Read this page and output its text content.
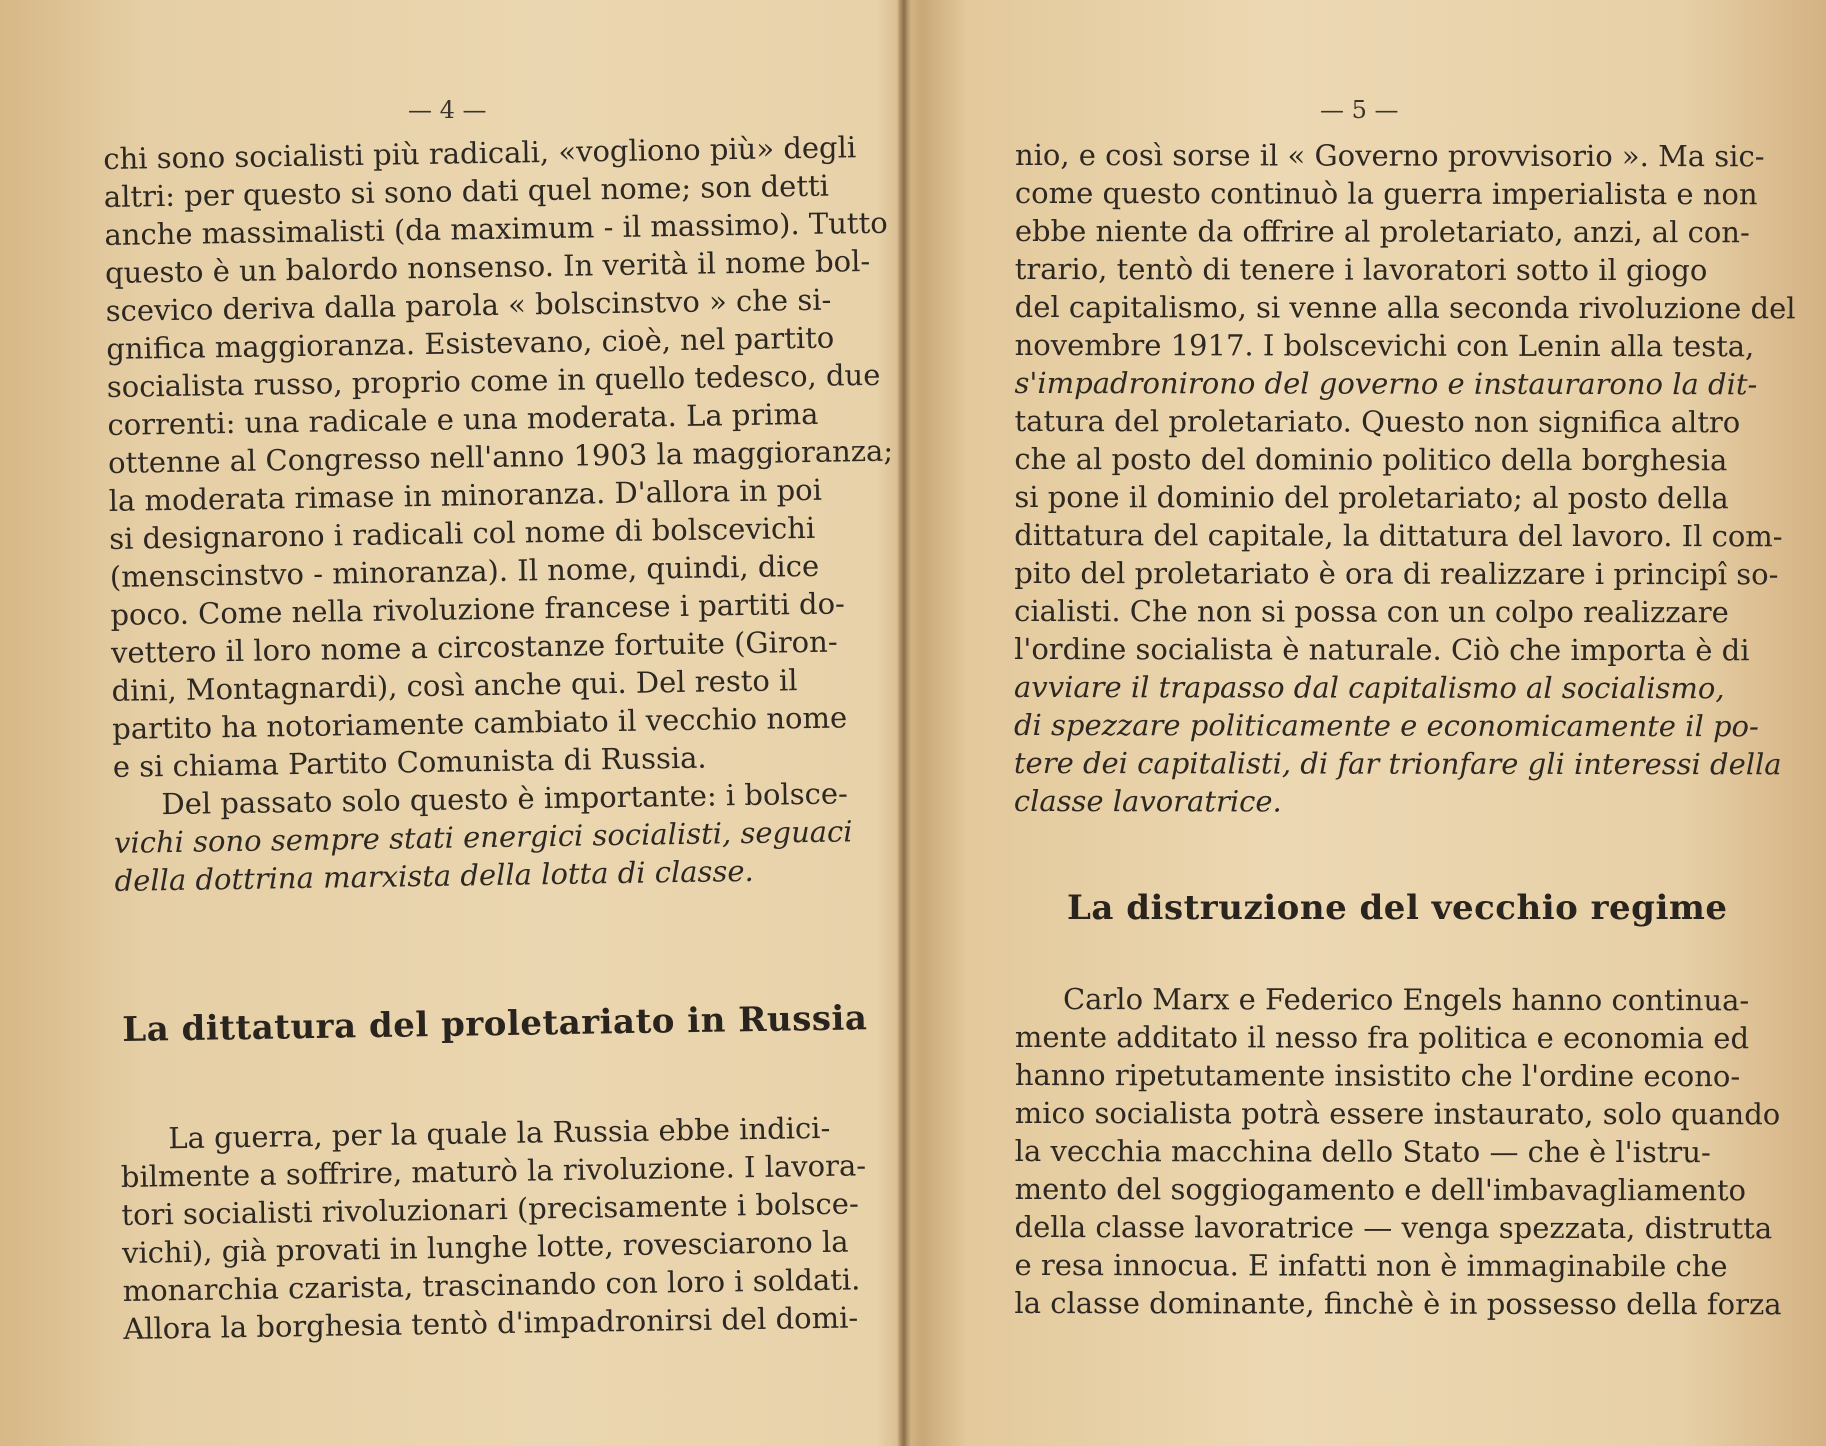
— 4 —
chi sono socialisti più radicali, «vogliono più» degli
altri: per questo si sono dati quel nome; son detti
anche massimalisti (da maximum - il massimo). Tutto
questo è un balordo nonsenso. In verità il nome bol-
scevico deriva dalla parola « bolscinstvo » che si-
gnifica maggioranza. Esistevano, cioè, nel partito
socialista russo, proprio come in quello tedesco, due
correnti: una radicale e una moderata. La prima
ottenne al Congresso nell'anno 1903 la maggioranza;
la moderata rimase in minoranza. D'allora in poi
si designarono i radicali col nome di bolscevichi
(menscinstvo - minoranza). Il nome, quindi, dice
poco. Come nella rivoluzione francese i partiti do-
vettero il loro nome a circostanze fortuite (Giron-
dini, Montagnardi), così anche qui. Del resto il
partito ha notoriamente cambiato il vecchio nome
e si chiama Partito Comunista di Russia.
Del passato solo questo è importante: i bolsce-
vichi sono sempre stati energici socialisti, seguaci
della dottrina marxista della lotta di classe.
La dittatura del proletariato in Russia
La guerra, per la quale la Russia ebbe indici-
bilmente a soffrire, maturò la rivoluzione. I lavora-
tori socialisti rivoluzionari (precisamente i bolsce-
vichi), già provati in lunghe lotte, rovesciarono la
monarchia czarista, trascinando con loro i soldati.
Allora la borghesia tentò d'impadronirsi del domi-
— 5 —
nio, e così sorse il « Governo provvisorio ». Ma sic-
come questo continuò la guerra imperialista e non
ebbe niente da offrire al proletariato, anzi, al con-
trario, tentò di tenere i lavoratori sotto il giogo
del capitalismo, si venne alla seconda rivoluzione del
novembre 1917. I bolscevichi con Lenin alla testa,
s'impadronirono del governo e instaurarono la dit-
tatura del proletariato. Questo non significa altro
che al posto del dominio politico della borghesia
si pone il dominio del proletariato; al posto della
dittatura del capitale, la dittatura del lavoro. Il com-
pito del proletariato è ora di realizzare i principî so-
cialisti. Che non si possa con un colpo realizzare
l'ordine socialista è naturale. Ciò che importa è di
avviare il trapasso dal capitalismo al socialismo,
di spezzare politicamente e economicamente il po-
tere dei capitalisti, di far trionfare gli interessi della
classe lavoratrice.
La distruzione del vecchio regime
Carlo Marx e Federico Engels hanno continua-
mente additato il nesso fra politica e economia ed
hanno ripetutamente insistito che l'ordine econo-
mico socialista potrà essere instaurato, solo quando
la vecchia macchina dello Stato — che è l'istru-
mento del soggiogamento e dell'imbavagliamento
della classe lavoratrice — venga spezzata, distrutta
e resa innocua. E infatti non è immaginabile che
la classe dominante, finchè è in possesso della forza
